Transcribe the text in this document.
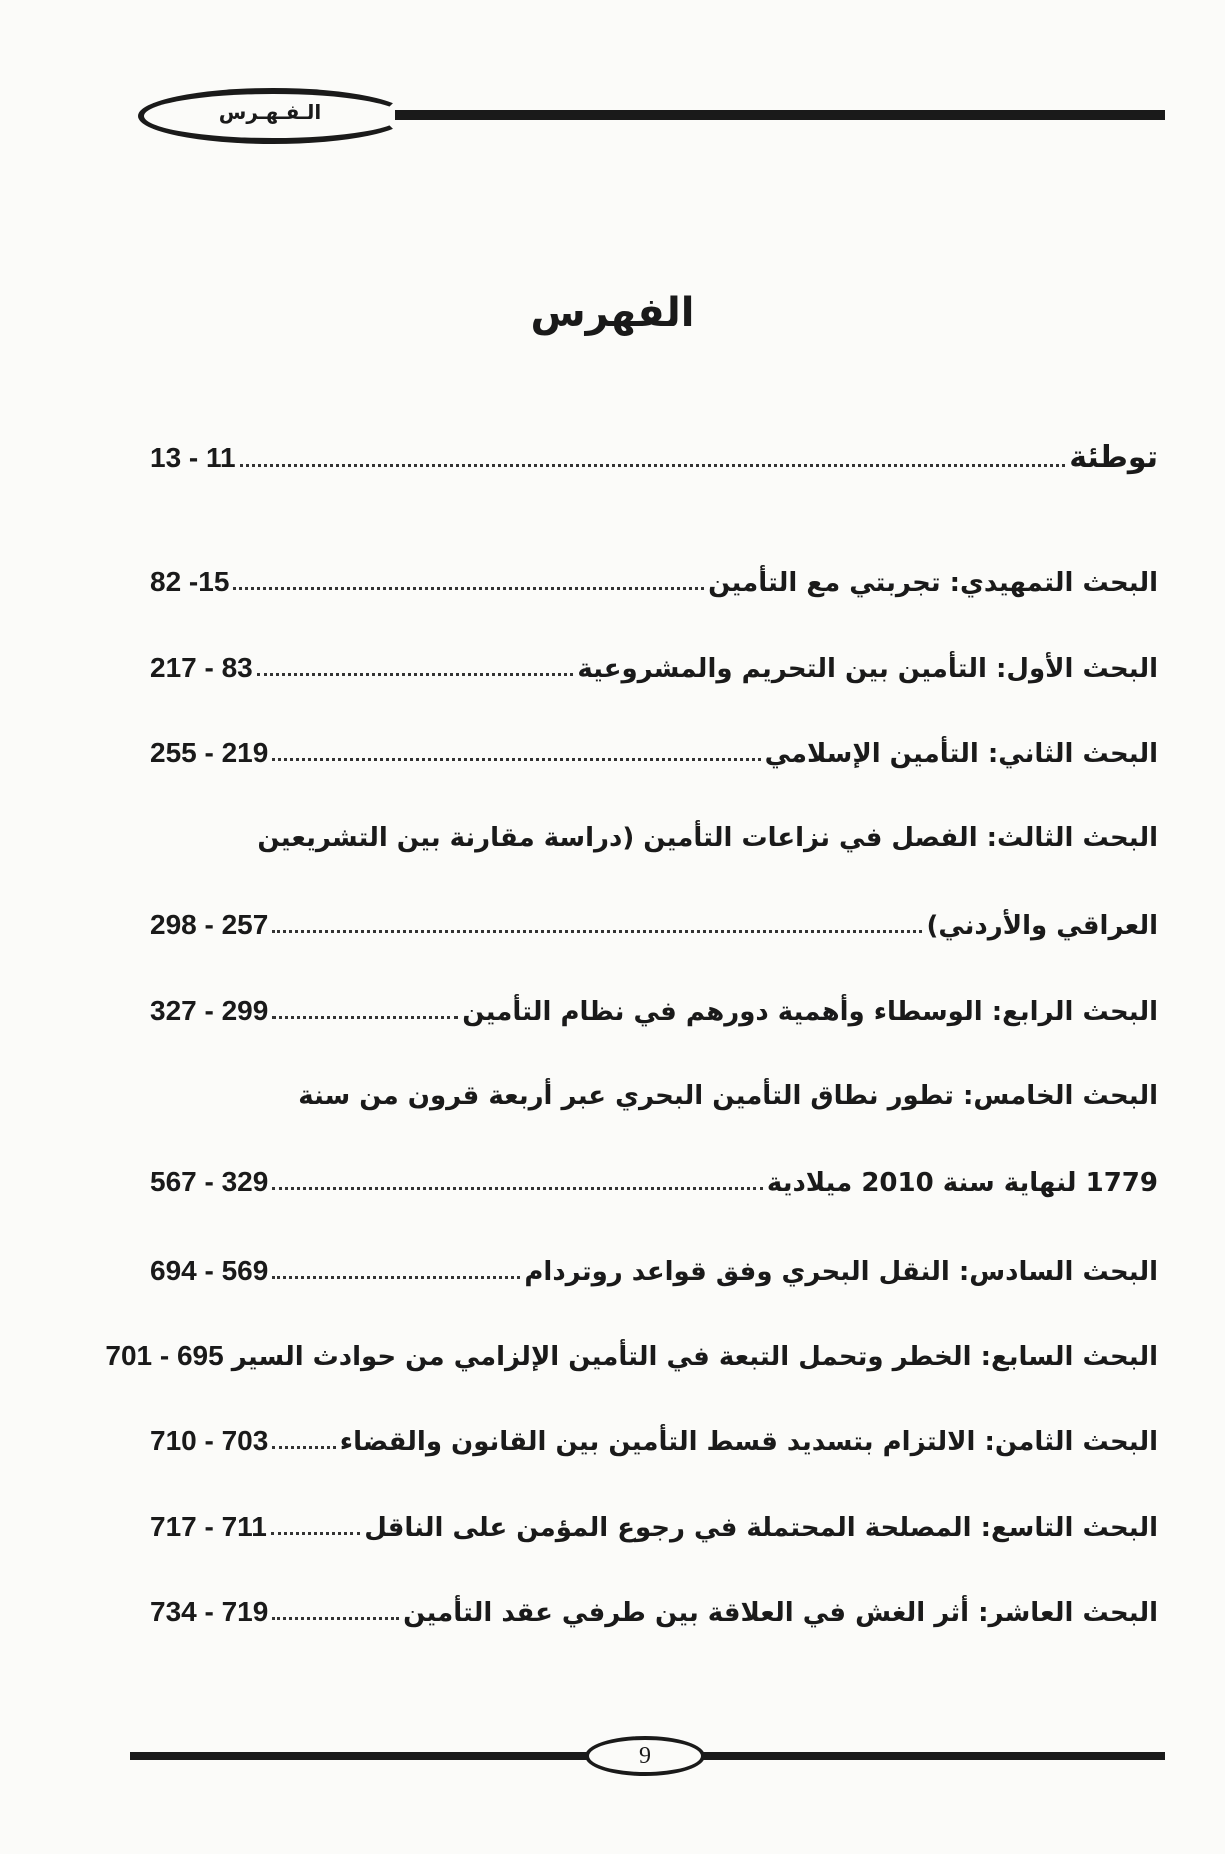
الـفـهـرس
الفهرس
توطئة
13 - 11
البحث التمهيدي: تجربتي مع التأمين
82 -15
البحث الأول: التأمين بين التحريم والمشروعية
217 - 83
البحث الثاني: التأمين الإسلامي
255 - 219
البحث الثالث: الفصل في نزاعات التأمين (دراسة مقارنة بين التشريعين
العراقي والأردني)
298 - 257
البحث الرابع: الوسطاء وأهمية دورهم في نظام التأمين
327 - 299
البحث الخامس: تطور نطاق التأمين البحري عبر أربعة قرون من سنة
1779 لنهاية سنة 2010 ميلادية
567 - 329
البحث السادس: النقل البحري وفق قواعد روتردام
694 - 569
البحث السابع: الخطر وتحمل التبعة في التأمين الإلزامي من حوادث السير
701 - 695
البحث الثامن: الالتزام بتسديد قسط التأمين بين القانون والقضاء
710 - 703
البحث التاسع: المصلحة المحتملة في رجوع المؤمن على الناقل
717 - 711
البحث العاشر: أثر الغش في العلاقة بين طرفي عقد التأمين
734 - 719
9
